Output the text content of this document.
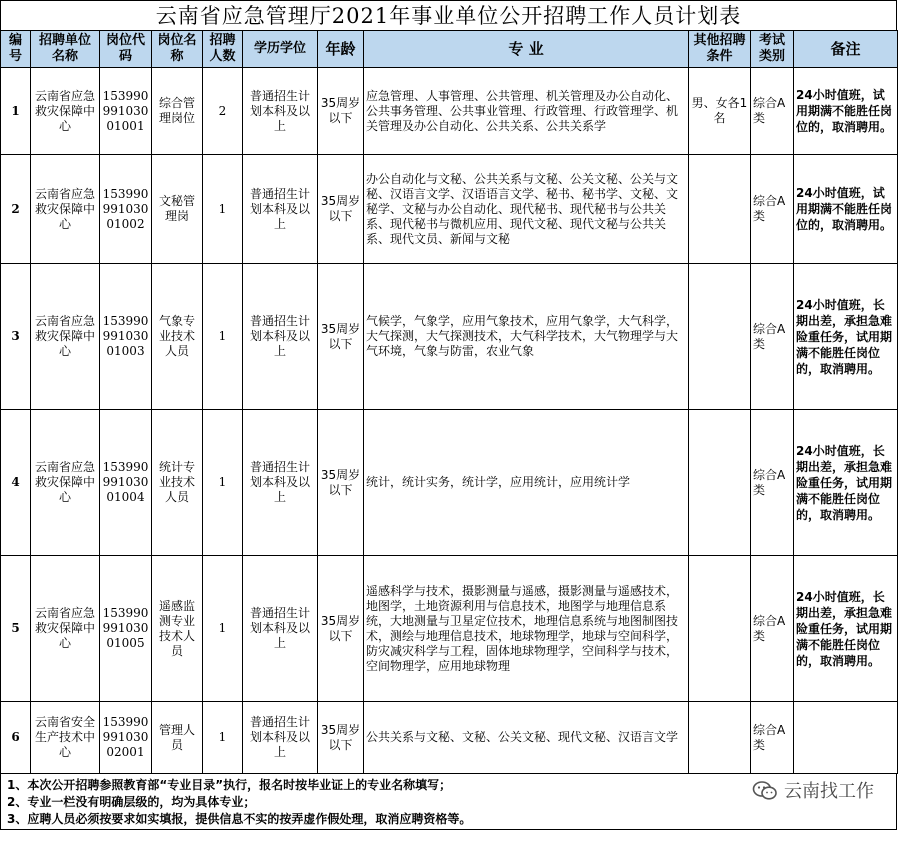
云南省应急管理厅2021年事业单位公开招聘工作人员计划表
编号	招聘单位名称	岗位代码	岗位名称	招聘人数	学历学位	年龄	专 业	其他招聘条件	考试类别	备注
1	云南省应急救灾保障中心	15399099103001001	综合管理岗位	2	普通招生计划本科及以上	35周岁以下	应急管理、人事管理、公共管理、机关管理及办公自动化、公共事务管理、公共事业管理、行政管理、行政管理学、机关管理及办公自动化、公共关系、公共关系学	男、女各1名	综合A类	24小时值班，试用期满不能胜任岗位的，取消聘用。
2	云南省应急救灾保障中心	15399099103001002	文秘管理岗	1	普通招生计划本科及以上	35周岁以下	办公自动化与文秘、公共关系与文秘、公关文秘、公关与文秘、汉语言文学、汉语语言文学、秘书、秘书学、文秘、文秘学、文秘与办公自动化、现代秘书、现代秘书与公共关系、现代秘书与微机应用、现代文秘、现代文秘与公共关系、现代文员、新闻与文秘		综合A类	24小时值班，试用期满不能胜任岗位的，取消聘用。
3	云南省应急救灾保障中心	15399099103001003	气象专业技术人员	1	普通招生计划本科及以上	35周岁以下	气候学，气象学，应用气象技术，应用气象学，大气科学，大气探测，大气探测技术，大气科学技术，大气物理学与大气环境，气象与防雷，农业气象		综合A类	24小时值班，长期出差，承担急难险重任务，试用期满不能胜任岗位的，取消聘用。
4	云南省应急救灾保障中心	15399099103001004	统计专业技术人员	1	普通招生计划本科及以上	35周岁以下	统计，统计实务，统计学，应用统计，应用统计学		综合A类	24小时值班，长期出差，承担急难险重任务，试用期满不能胜任岗位的，取消聘用。
5	云南省应急救灾保障中心	15399099103001005	遥感监测专业技术人员	1	普通招生计划本科及以上	35周岁以下	遥感科学与技术，摄影测量与遥感，摄影测量与遥感技术，地图学，土地资源利用与信息技术，地图学与地理信息系统，大地测量与卫星定位技术，地理信息系统与地图制图技术，测绘与地理信息技术，地球物理学，地球与空间科学，防灾减灾科学与工程，固体地球物理学，空间科学与技术，空间物理学，应用地球物理		综合A类	24小时值班，长期出差，承担急难险重任务，试用期满不能胜任岗位的，取消聘用。
6	云南省安全生产技术中心	15399099103002001	管理人员	1	普通招生计划本科及以上	35周岁以下	公共关系与文秘、文秘、公关文秘、现代文秘、汉语言文学		综合A类	
1、本次公开招聘参照教育部“专业目录”执行，报名时按毕业证上的专业名称填写；
2、专业一栏没有明确层级的，均为具体专业；
3、应聘人员必须按要求如实填报，提供信息不实的按弄虚作假处理，取消应聘资格等。
云南找工作
